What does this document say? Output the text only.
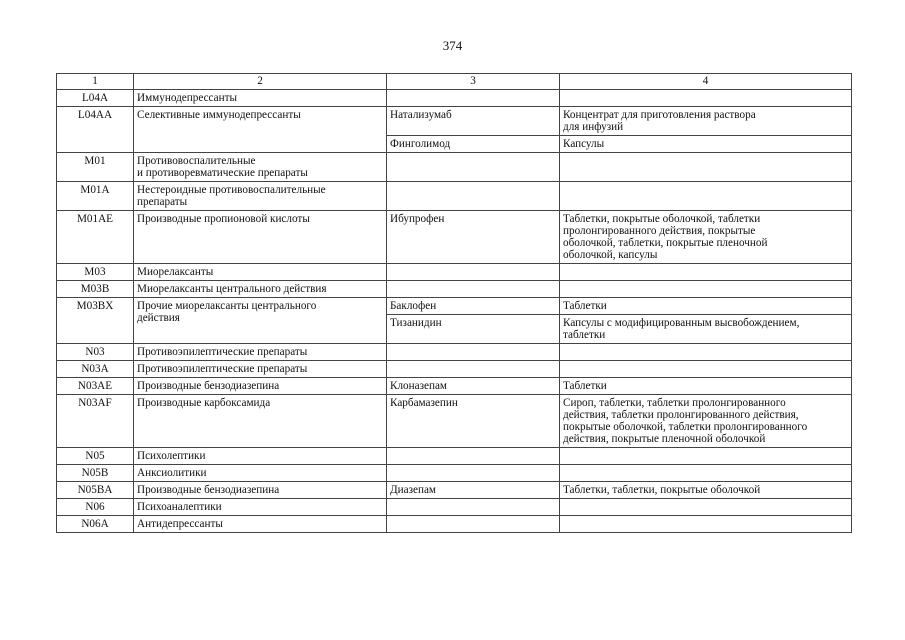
374
1	2	3	4
L04A	Иммунодепрессанты		
L04AA	Селективные иммунодепрессанты	Натализумаб	Концентрат для приготовления раствора
для инфузий
		Финголимод	Капсулы
M01	Противовоспалительные
и противоревматические препараты		
M01A	Нестероидные противовоспалительные
препараты		
M01AE	Производные пропионовой кислоты	Ибупрофен	Таблетки, покрытые оболочкой, таблетки
пролонгированного действия, покрытые
оболочкой, таблетки, покрытые пленочной
оболочкой, капсулы
M03	Миорелаксанты		
M03B	Миорелаксанты центрального действия		
M03BX	Прочие миорелаксанты центрального
действия	Баклофен	Таблетки
		Тизанидин	Капсулы с модифицированным высвобождением,
таблетки
N03	Противоэпилептические препараты		
N03A	Противоэпилептические препараты		
N03AE	Производные бензодиазепина	Клоназепам	Таблетки
N03AF	Производные карбоксамида	Карбамазепин	Сироп, таблетки, таблетки пролонгированного
действия, таблетки пролонгированного действия,
покрытые оболочкой, таблетки пролонгированного
действия, покрытые пленочной оболочкой
N05	Психолептики		
N05B	Анксиолитики		
N05BA	Производные бензодиазепина	Диазепам	Таблетки, таблетки, покрытые оболочкой
N06	Психоаналептики		
N06A	Антидепрессанты		
